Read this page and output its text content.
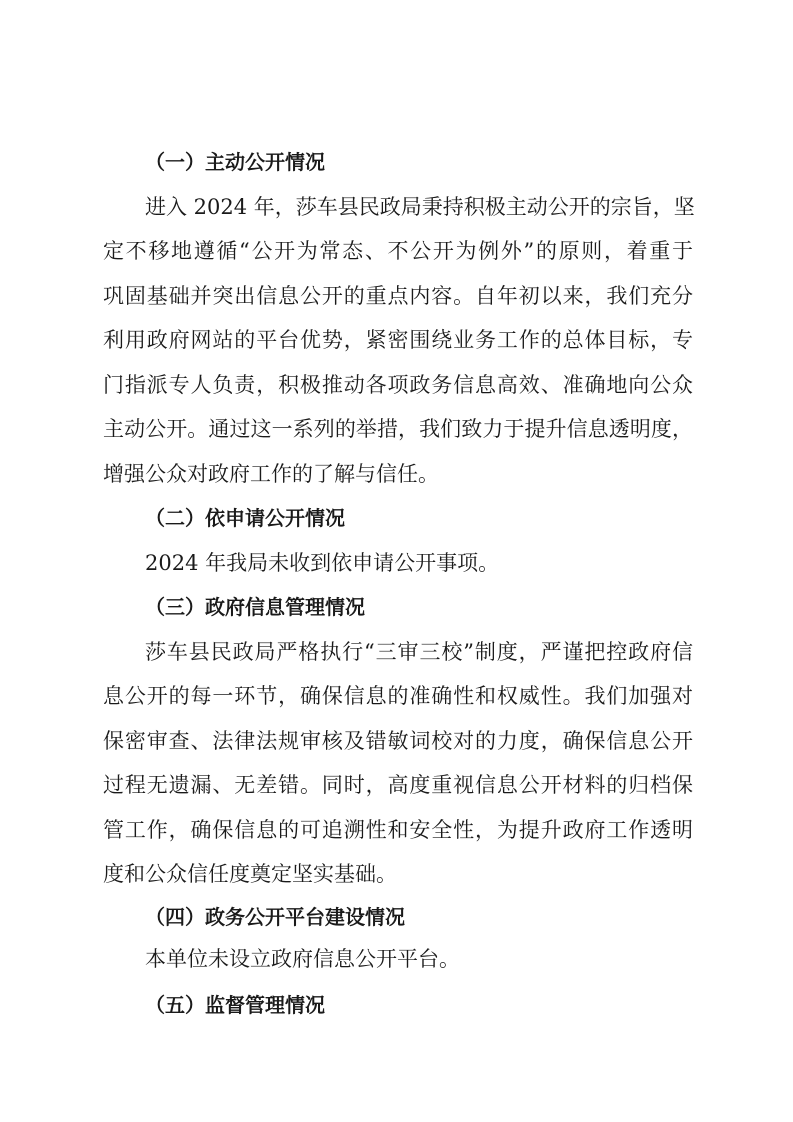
（一）主动公开情况
进入 2024 年，莎车县民政局秉持积极主动公开的宗旨，坚
定不移地遵循“公开为常态、不公开为例外”的原则，着重于
巩固基础并突出信息公开的重点内容。自年初以来，我们充分
利用政府网站的平台优势，紧密围绕业务工作的总体目标，专
门指派专人负责，积极推动各项政务信息高效、准确地向公众
主动公开。通过这一系列的举措，我们致力于提升信息透明度，
增强公众对政府工作的了解与信任。
（二）依申请公开情况
2024 年我局未收到依申请公开事项。
（三）政府信息管理情况
莎车县民政局严格执行“三审三校”制度，严谨把控政府信
息公开的每一环节，确保信息的准确性和权威性。我们加强对
保密审查、法律法规审核及错敏词校对的力度，确保信息公开
过程无遗漏、无差错。同时，高度重视信息公开材料的归档保
管工作，确保信息的可追溯性和安全性，为提升政府工作透明
度和公众信任度奠定坚实基础。
（四）政务公开平台建设情况
本单位未设立政府信息公开平台。
（五）监督管理情况
